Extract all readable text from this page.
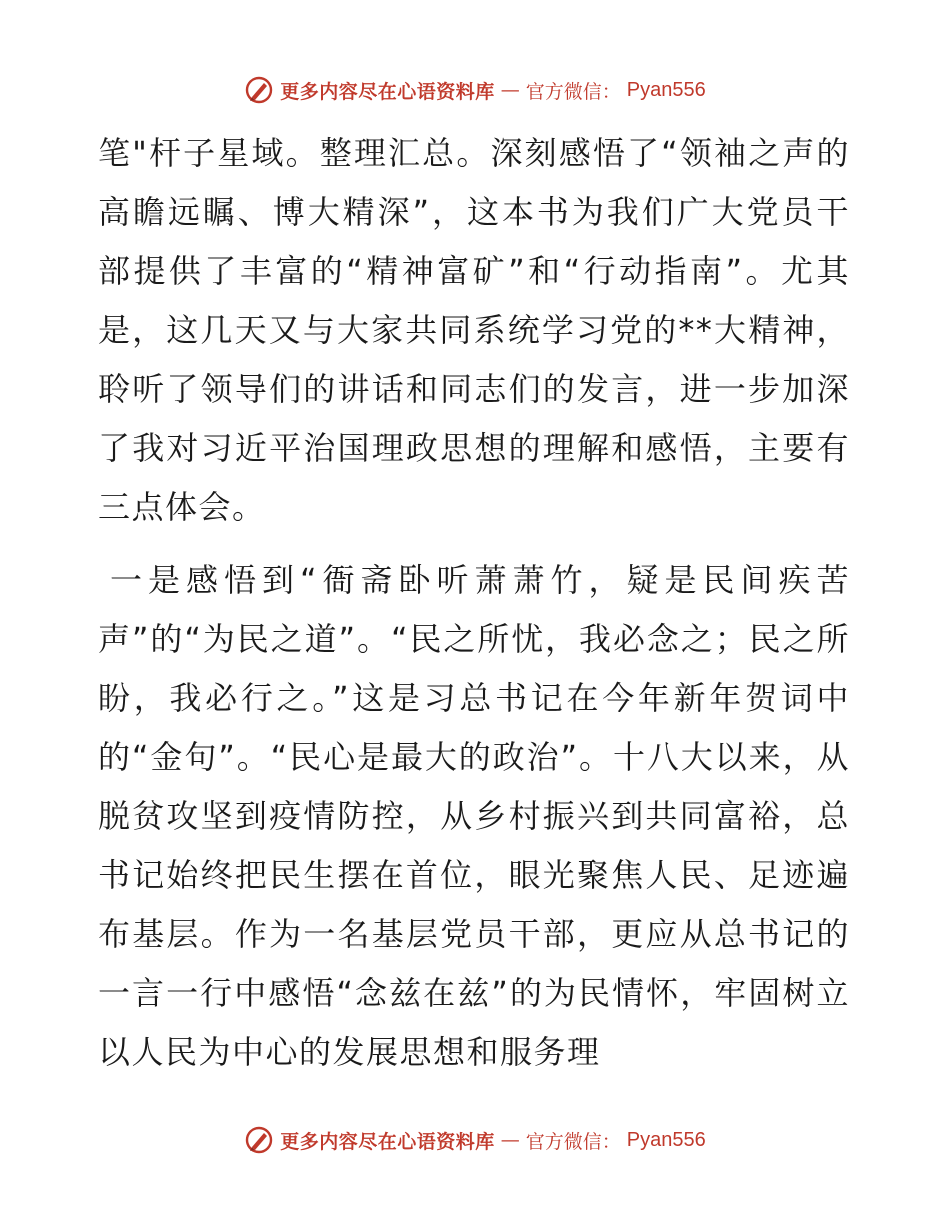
更多内容尽在心语资料库 — 官方微信： Pyan556

笔"杆子星域。整理汇总。深刻感悟了“领袖之声的高瞻远瞩、博大精深”，这本书为我们广大党员干部提供了丰富的“精神富矿”和“行动指南”。尤其是，这几天又与大家共同系统学习党的**大精神，聆听了领导们的讲话和同志们的发言，进一步加深了我对习近平治国理政思想的理解和感悟，主要有三点体会。

一是感悟到“衙斋卧听萧萧竹，疑是民间疾苦声”的“为民之道”。“民之所忧，我必念之；民之所盼，我必行之。”这是习总书记在今年新年贺词中的“金句”。“民心是最大的政治”。十八大以来，从脱贫攻坚到疫情防控，从乡村振兴到共同富裕，总书记始终把民生摆在首位，眼光聚焦人民、足迹遍布基层。作为一名基层党员干部，更应从总书记的一言一行中感悟“念兹在兹”的为民情怀，牢固树立以人民为中心的发展思想和服务理

更多内容尽在心语资料库 — 官方微信： Pyan556
